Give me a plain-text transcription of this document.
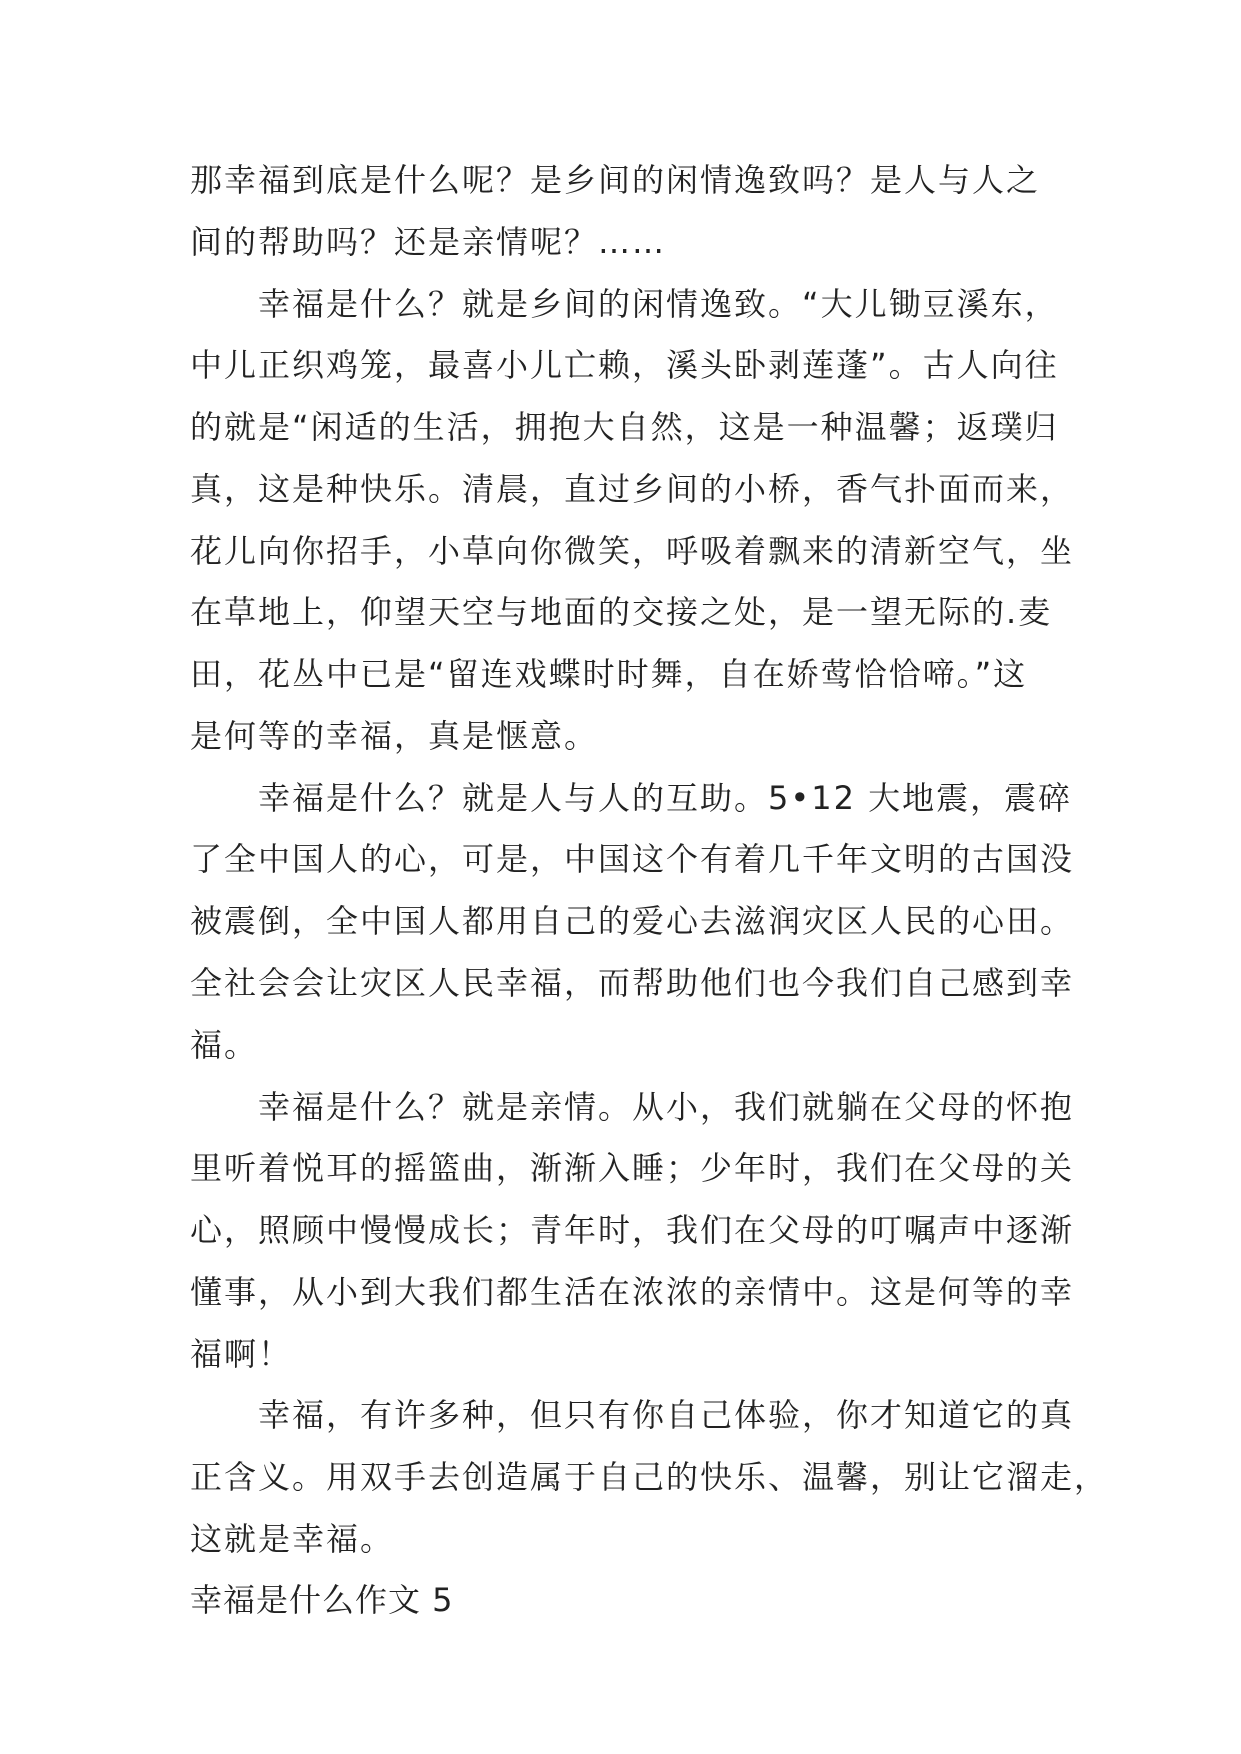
那幸福到底是什么呢？是乡间的闲情逸致吗？是人与人之
间的帮助吗？还是亲情呢？……
幸福是什么？就是乡间的闲情逸致。“大儿锄豆溪东，
中儿正织鸡笼，最喜小儿亡赖，溪头卧剥莲蓬”。古人向往
的就是“闲适的生活，拥抱大自然，这是一种温馨；返璞归
真，这是种快乐。清晨，直过乡间的小桥，香气扑面而来，
花儿向你招手，小草向你微笑，呼吸着飘来的清新空气，坐
在草地上，仰望天空与地面的交接之处，是一望无际的.麦
田，花丛中已是“留连戏蝶时时舞，自在娇莺恰恰啼。”这
是何等的幸福，真是惬意。
幸福是什么？就是人与人的互助。5•12 大地震，震碎
了全中国人的心，可是，中国这个有着几千年文明的古国没
被震倒，全中国人都用自己的爱心去滋润灾区人民的心田。
全社会会让灾区人民幸福，而帮助他们也今我们自己感到幸
福。
幸福是什么？就是亲情。从小，我们就躺在父母的怀抱
里听着悦耳的摇篮曲，渐渐入睡；少年时，我们在父母的关
心，照顾中慢慢成长；青年时，我们在父母的叮嘱声中逐渐
懂事，从小到大我们都生活在浓浓的亲情中。这是何等的幸
福啊！
幸福，有许多种，但只有你自己体验，你才知道它的真
正含义。用双手去创造属于自己的快乐、温馨，别让它溜走，
这就是幸福。
幸福是什么作文 5
